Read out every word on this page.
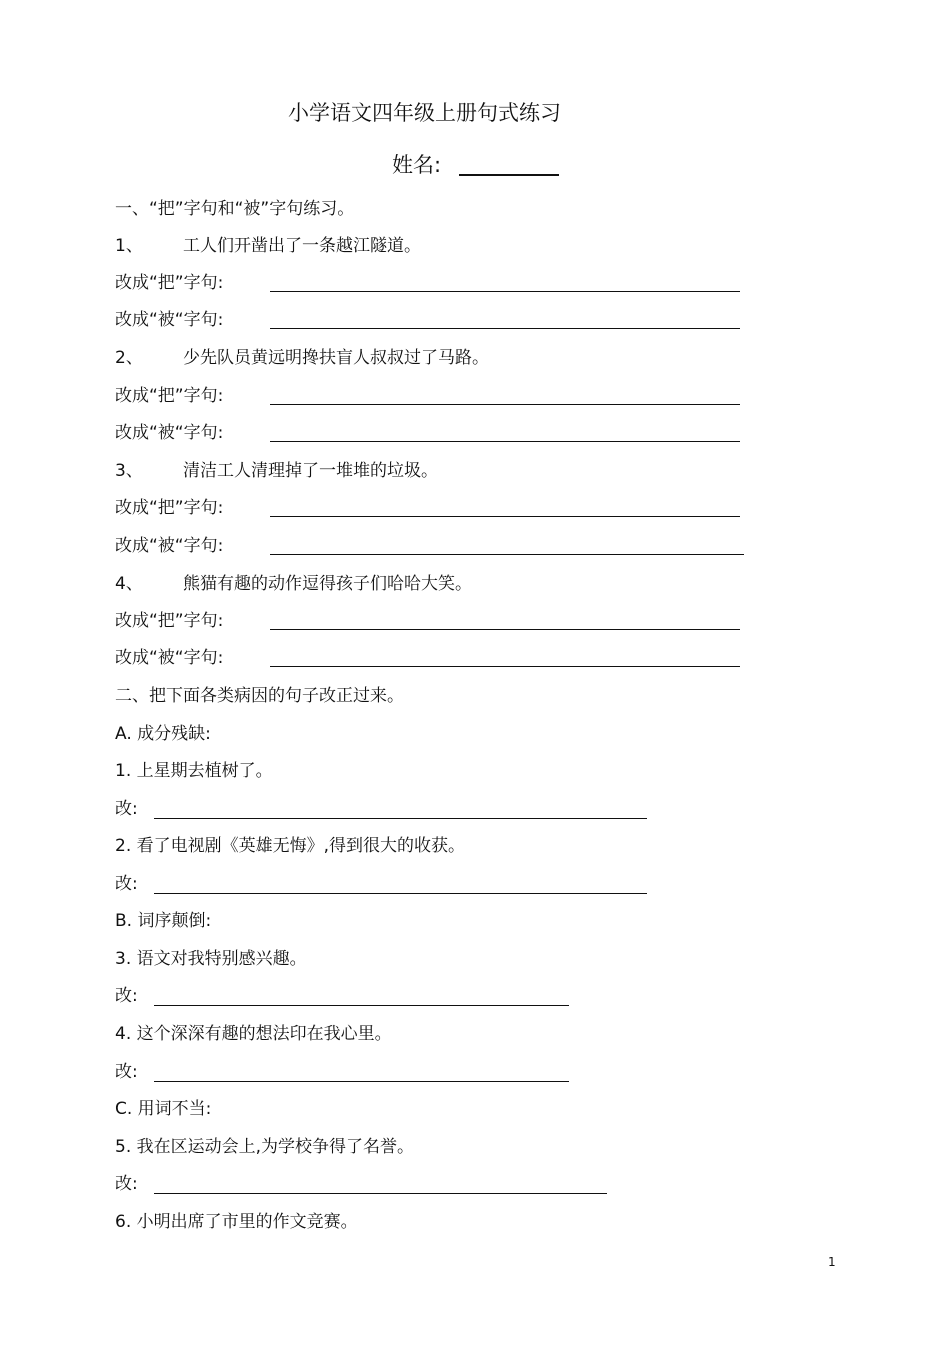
小学语文四年级上册句式练习
姓名:
一、“把”字句和“被”字句练习。
1、 工人们开凿出了一条越江隧道。
改成“把”字句:
改成“被“字句:
2、 少先队员黄远明搀扶盲人叔叔过了马路。
改成“把”字句:
改成“被“字句:
3、 清洁工人清理掉了一堆堆的垃圾。
改成“把”字句:
改成“被“字句:
4、 熊猫有趣的动作逗得孩子们哈哈大笑。
改成“把”字句:
改成“被“字句:
二、把下面各类病因的句子改正过来。
A. 成分残缺:
1. 上星期去植树了。
改:
2. 看了电视剧《英雄无悔》,得到很大的收获。
改:
B. 词序颠倒:
3. 语文对我特别感兴趣。
改:
4. 这个深深有趣的想法印在我心里。
改:
C. 用词不当:
5. 我在区运动会上,为学校争得了名誉。
改:
6. 小明出席了市里的作文竞赛。
1
